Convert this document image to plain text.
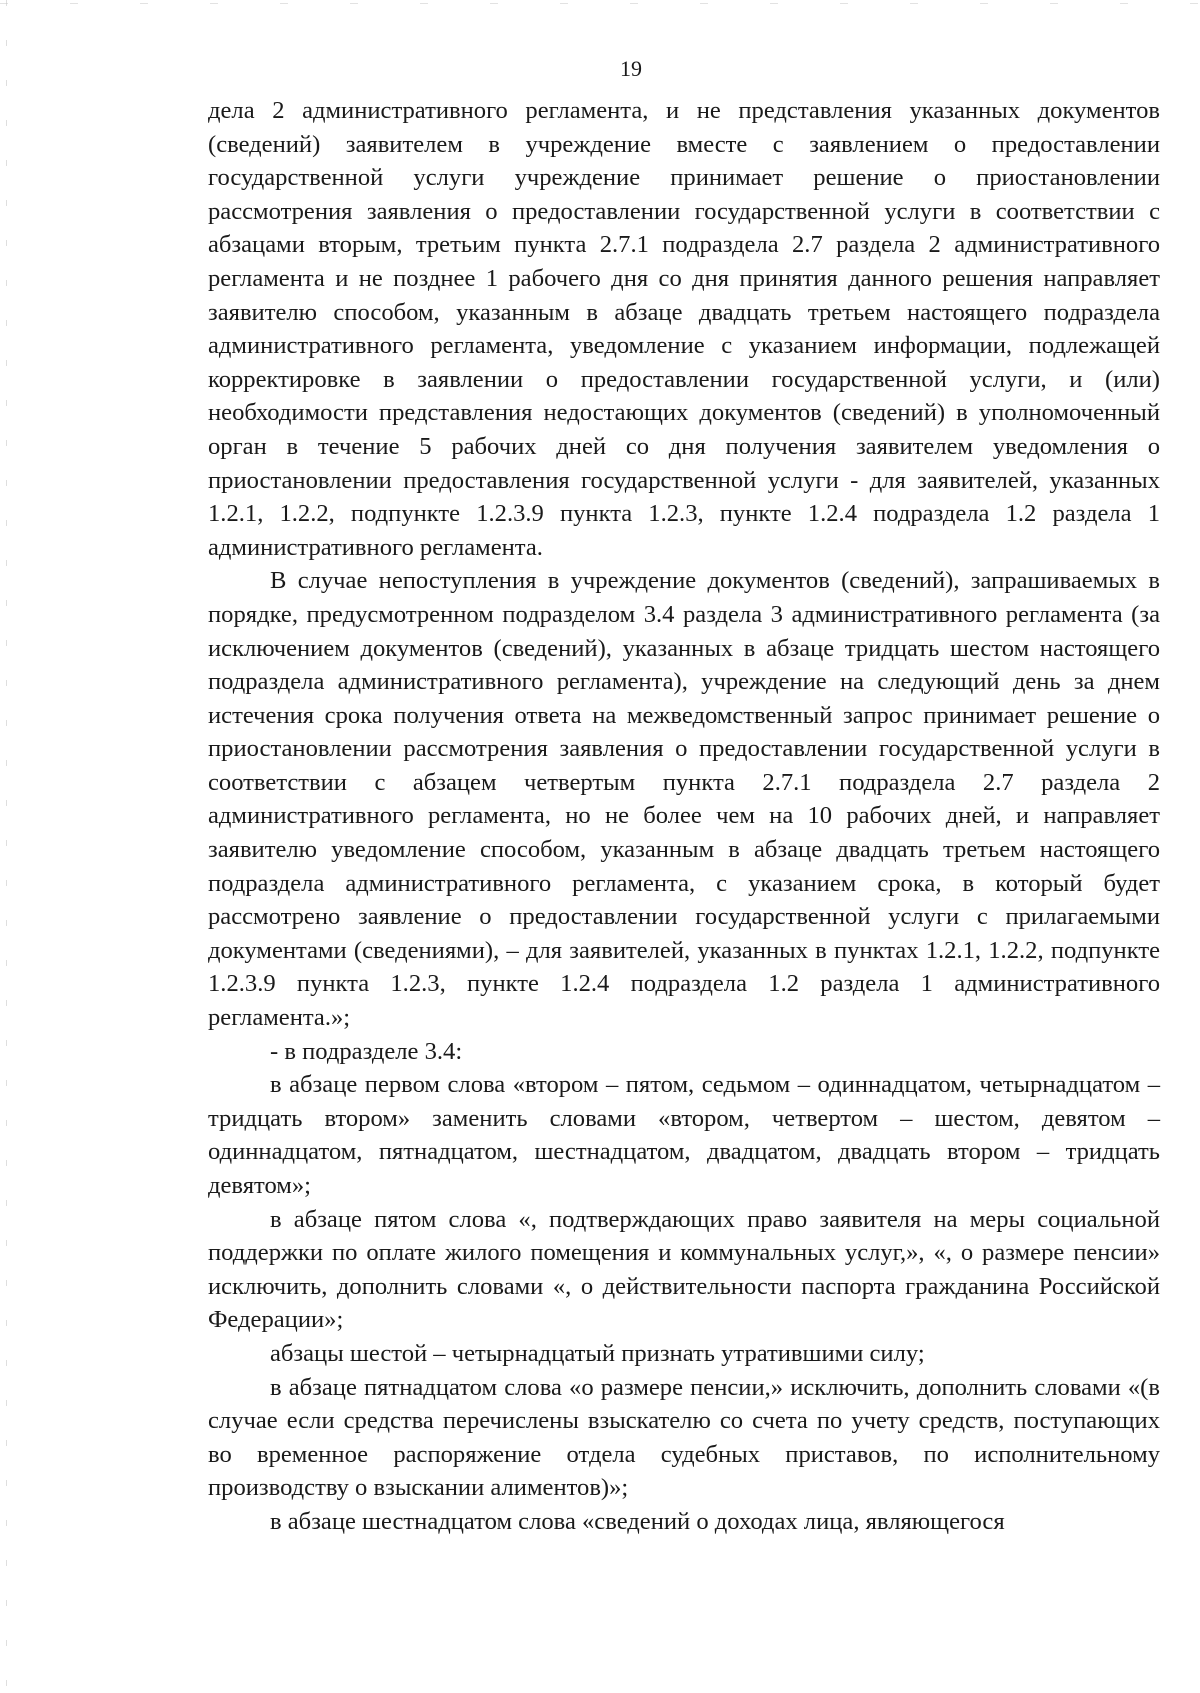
19

дела 2 административного регламента, и не представления указанных документов (сведений) заявителем в учреждение вместе с заявлением о предоставлении государственной услуги учреждение принимает решение о приостановлении рассмотрения заявления о предоставлении государственной услуги в соответствии с абзацами вторым, третьим пункта 2.7.1 подраздела 2.7 раздела 2 административного регламента и не позднее 1 рабочего дня со дня принятия данного решения направляет заявителю способом, указанным в абзаце двадцать третьем настоящего подраздела административного регламента, уведомление с указанием информации, подлежащей корректировке в заявлении о предоставлении государственной услуги, и (или) необходимости представления недостающих документов (сведений) в уполномоченный орган в течение 5 рабочих дней со дня получения заявителем уведомления о приостановлении предоставления государственной услуги - для заявителей, указанных 1.2.1, 1.2.2, подпункте 1.2.3.9 пункта 1.2.3, пункте 1.2.4 подраздела 1.2 раздела 1 административного регламента.

В случае непоступления в учреждение документов (сведений), запрашиваемых в порядке, предусмотренном подразделом 3.4 раздела 3 административного регламента (за исключением документов (сведений), указанных в абзаце тридцать шестом настоящего подраздела административного регламента), учреждение на следующий день за днем истечения срока получения ответа на межведомственный запрос принимает решение о приостановлении рассмотрения заявления о предоставлении государственной услуги в соответствии с абзацем четвертым пункта 2.7.1 подраздела 2.7 раздела 2 административного регламента, но не более чем на 10 рабочих дней, и направляет заявителю уведомление способом, указанным в абзаце двадцать третьем настоящего подраздела административного регламента, с указанием срока, в который будет рассмотрено заявление о предоставлении государственной услуги с прилагаемыми документами (сведениями), – для заявителей, указанных в пунктах 1.2.1, 1.2.2, подпункте 1.2.3.9 пункта 1.2.3, пункте 1.2.4 подраздела 1.2 раздела 1 административного регламента.»;

- в подразделе 3.4:

в абзаце первом слова «втором – пятом, седьмом – одиннадцатом, четырнадцатом – тридцать втором» заменить словами «втором, четвертом – шестом, девятом – одиннадцатом, пятнадцатом, шестнадцатом, двадцатом, двадцать втором – тридцать девятом»;

в абзаце пятом слова «, подтверждающих право заявителя на меры социальной поддержки по оплате жилого помещения и коммунальных услуг,», «, о размере пенсии» исключить, дополнить словами «, о действительности паспорта гражданина Российской Федерации»;

абзацы шестой – четырнадцатый признать утратившими силу;

в абзаце пятнадцатом слова «о размере пенсии,» исключить, дополнить словами «(в случае если средства перечислены взыскателю со счета по учету средств, поступающих во временное распоряжение отдела судебных приставов, по исполнительному производству о взыскании алиментов)»;

в абзаце шестнадцатом слова «сведений о доходах лица, являющегося
